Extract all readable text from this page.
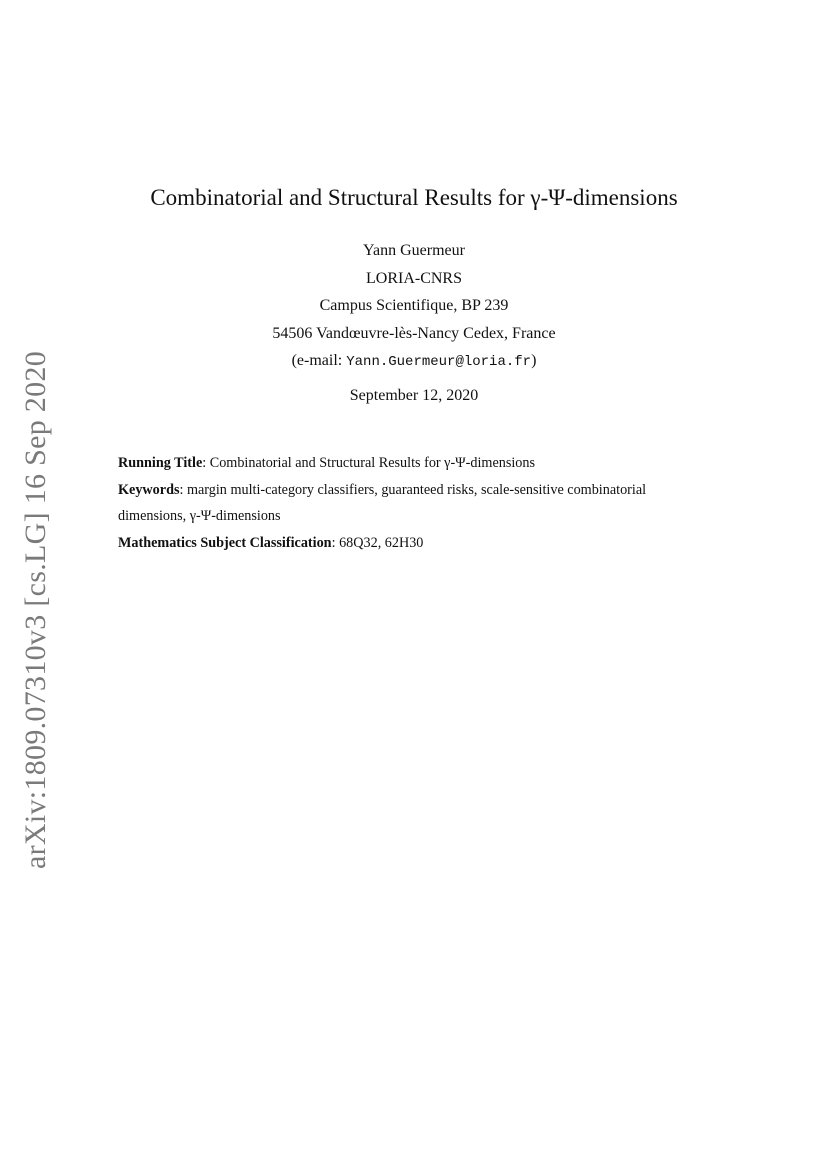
arXiv:1809.07310v3 [cs.LG] 16 Sep 2020
Combinatorial and Structural Results for γ-Ψ-dimensions
Yann Guermeur
LORIA-CNRS
Campus Scientifique, BP 239
54506 Vandœuvre-lès-Nancy Cedex, France
(e-mail: Yann.Guermeur@loria.fr)
September 12, 2020

Running Title: Combinatorial and Structural Results for γ-Ψ-dimensions

Keywords: margin multi-category classifiers, guaranteed risks, scale-sensitive combinatorial dimensions, γ-Ψ-dimensions

Mathematics Subject Classification: 68Q32, 62H30
